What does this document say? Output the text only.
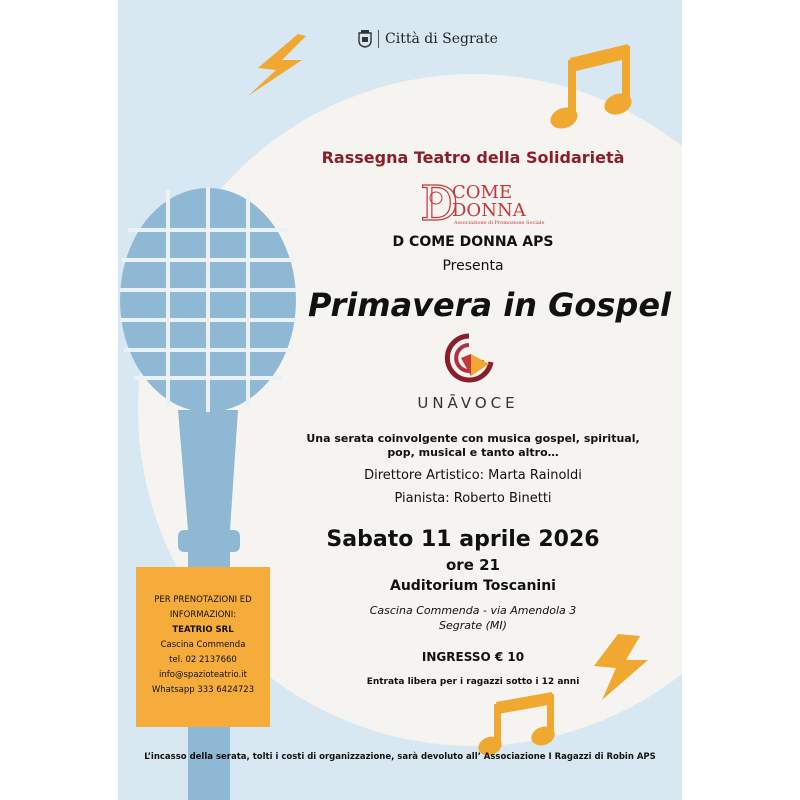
Città di Segrate
Rassegna Teatro della Solidarietà
D
COME
DONNA
Associazione di Promozione Sociale
D COME DONNA APS
Presenta
Primavera in Gospel
UNĀVOCE
Una serata coinvolgente con musica gospel, spiritual, pop, musical e tanto altro…
Direttore Artistico: Marta Rainoldi
Pianista: Roberto Binetti
Sabato 11 aprile 2026
ore 21
Auditorium Toscanini
Cascina Commenda - via Amendola 3
Segrate (MI)
INGRESSO € 10
Entrata libera per i ragazzi sotto i 12 anni
PER PRENOTAZIONI ED
INFORMAZIONI:
TEATRIO SRL
Cascina Commenda
tel. 02 2137660
info@spazioteatrio.it
Whatsapp 333 6424723
L’incasso della serata, tolti i costi di organizzazione, sarà devoluto all’ Associazione I Ragazzi di Robin APS
